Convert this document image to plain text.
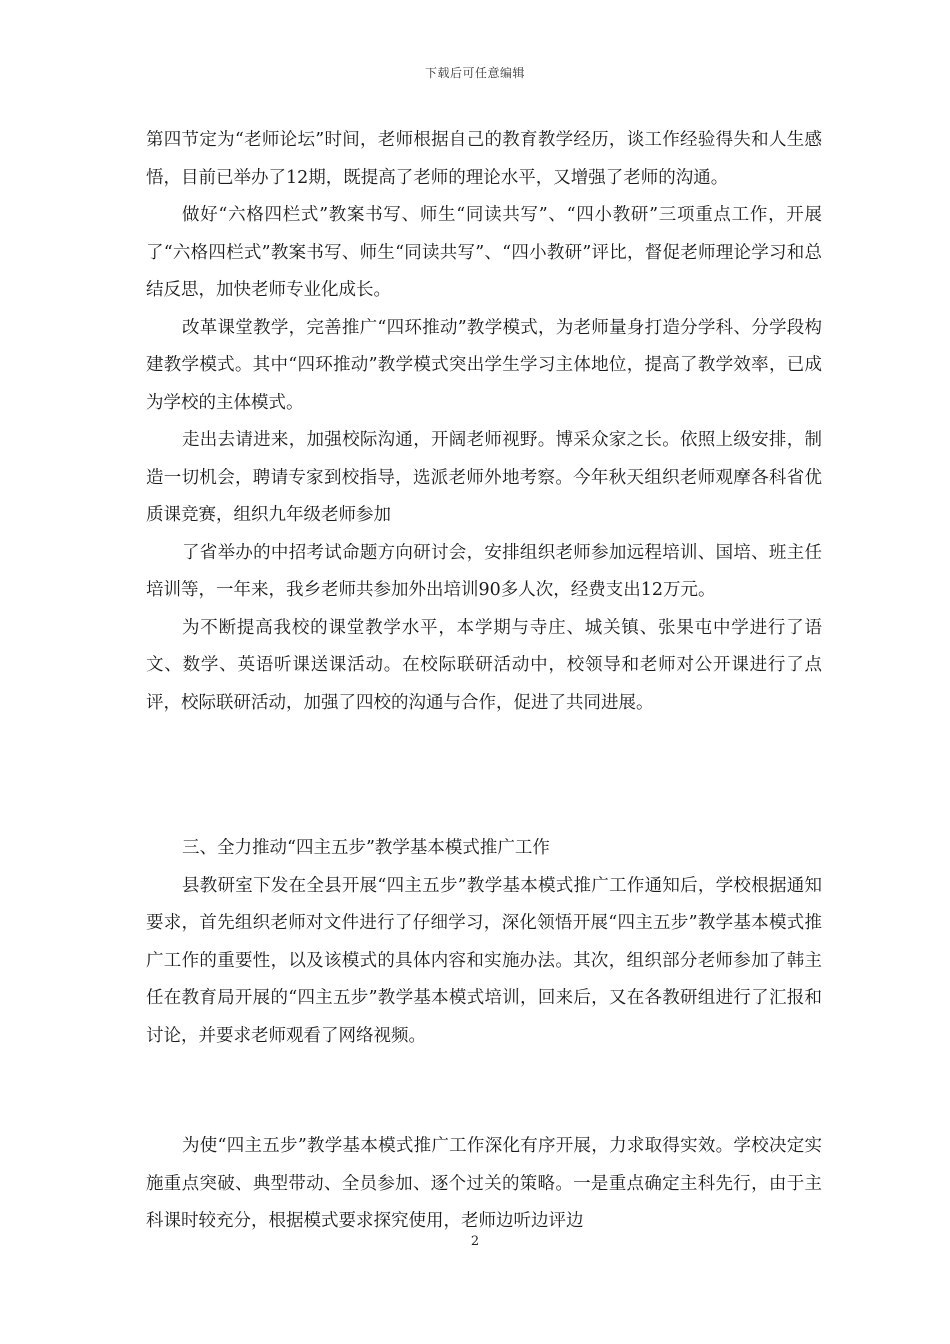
下载后可任意编辑

第四节定为“老师论坛”时间，老师根据自己的教育教学经历，谈工作经验得失和人生感悟，目前已举办了12期，既提高了老师的理论水平，又增强了老师的沟通。

做好“六格四栏式”教案书写、师生“同读共写”、“四小教研”三项重点工作，开展了“六格四栏式”教案书写、师生“同读共写”、“四小教研”评比，督促老师理论学习和总结反思，加快老师专业化成长。

改革课堂教学，完善推广“四环推动”教学模式，为老师量身打造分学科、分学段构建教学模式。其中“四环推动”教学模式突出学生学习主体地位，提高了教学效率，已成为学校的主体模式。

走出去请进来，加强校际沟通，开阔老师视野。博采众家之长。依照上级安排，制造一切机会，聘请专家到校指导，选派老师外地考察。今年秋天组织老师观摩各科省优质课竞赛，组织九年级老师参加

了省举办的中招考试命题方向研讨会，安排组织老师参加远程培训、国培、班主任培训等，一年来，我乡老师共参加外出培训90多人次，经费支出12万元。

为不断提高我校的课堂教学水平，本学期与寺庄、城关镇、张果屯中学进行了语文、数学、英语听课送课活动。在校际联研活动中，校领导和老师对公开课进行了点评，校际联研活动，加强了四校的沟通与合作，促进了共同进展。

三、全力推动“四主五步”教学基本模式推广工作

县教研室下发在全县开展“四主五步”教学基本模式推广工作通知后，学校根据通知要求，首先组织老师对文件进行了仔细学习，深化领悟开展“四主五步”教学基本模式推广工作的重要性，以及该模式的具体内容和实施办法。其次，组织部分老师参加了韩主任在教育局开展的“四主五步”教学基本模式培训，回来后，又在各教研组进行了汇报和讨论，并要求老师观看了网络视频。

为使“四主五步”教学基本模式推广工作深化有序开展，力求取得实效。学校决定实施重点突破、典型带动、全员参加、逐个过关的策略。一是重点确定主科先行，由于主科课时较充分，根据模式要求探究使用，老师边听边评边

2
